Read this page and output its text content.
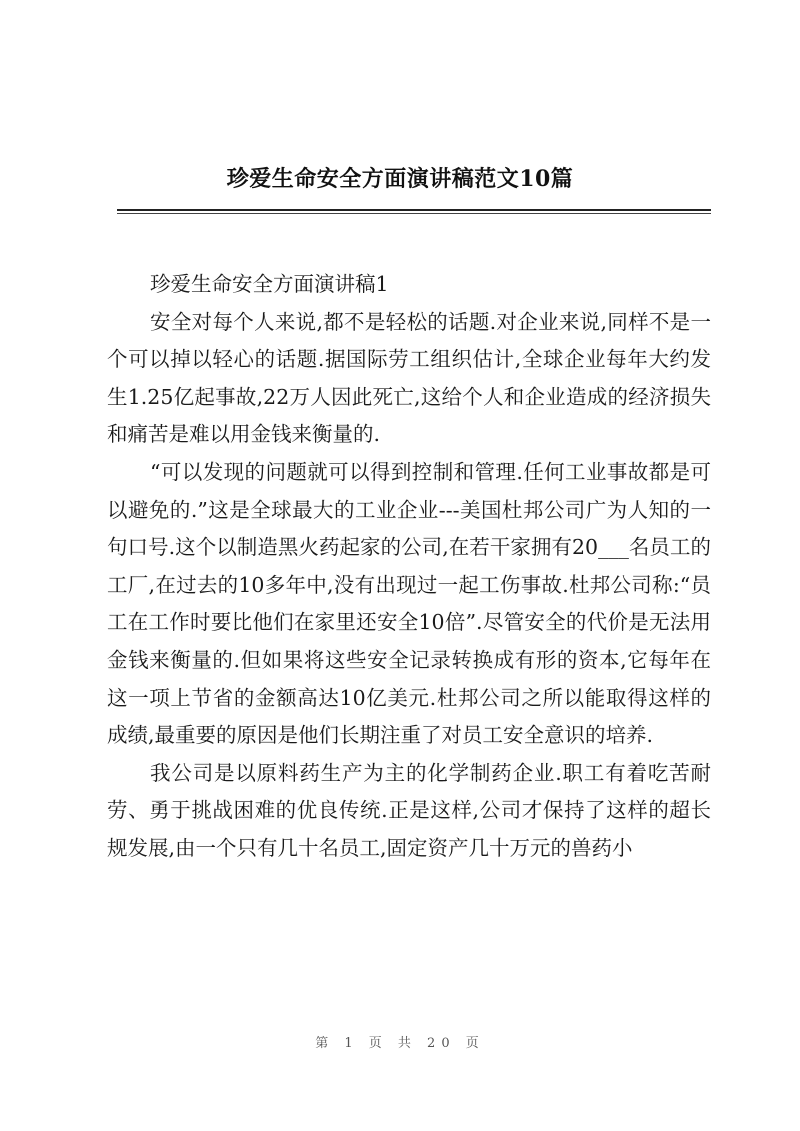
珍爱生命安全方面演讲稿范文10篇

珍爱生命安全方面演讲稿1

安全对每个人来说,都不是轻松的话题.对企业来说,同样不是一个可以掉以轻心的话题.据国际劳工组织估计,全球企业每年大约发生1.25亿起事故,22万人因此死亡,这给个人和企业造成的经济损失和痛苦是难以用金钱来衡量的.

“可以发现的问题就可以得到控制和管理.任何工业事故都是可以避免的.”这是全球最大的工业企业---美国杜邦公司广为人知的一句口号.这个以制造黑火药起家的公司,在若干家拥有20___名员工的工厂,在过去的10多年中,没有出现过一起工伤事故.杜邦公司称:“员工在工作时要比他们在家里还安全10倍”.尽管安全的代价是无法用金钱来衡量的.但如果将这些安全记录转换成有形的资本,它每年在这一项上节省的金额高达10亿美元.杜邦公司之所以能取得这样的成绩,最重要的原因是他们长期注重了对员工安全意识的培养.

我公司是以原料药生产为主的化学制药企业.职工有着吃苦耐劳、勇于挑战困难的优良传统.正是这样,公司才保持了这样的超长规发展,由一个只有几十名员工,固定资产几十万元的兽药小

第 1 页 共 20 页
